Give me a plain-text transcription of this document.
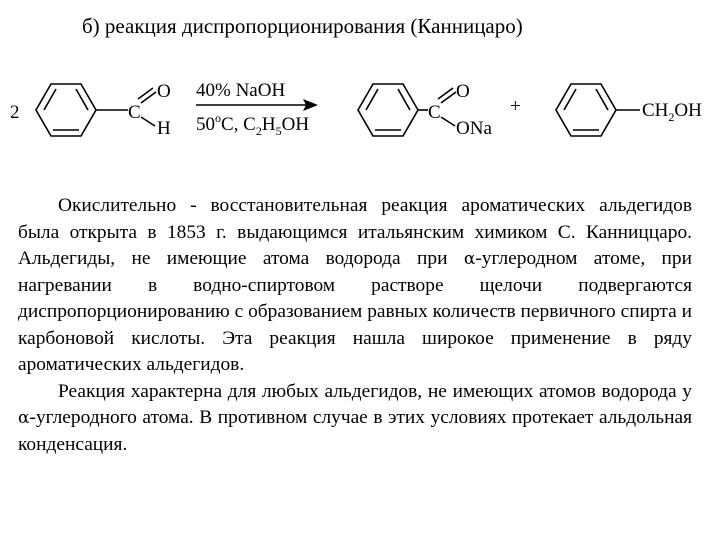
б) реакция диспропорционирования (Канницаро)
2	C
O
H
40% NaOH
50$^o$C, $C_2H_5OH$
C
O
ONa
+	$CH_2OH$

Окислительно - восстановительная реакция ароматических альдегидов была открыта в 1853 г. выдающимся итальянским химиком С. Канниццаро. Альдегиды, не имеющие атома водорода при α-углеродном атоме, при нагревании в водно-спиртовом растворе щелочи подвергаются диспропорционированию с образованием равных количеств первичного спирта и карбоновой кислоты. Эта реакция нашла широкое применение в ряду ароматических альдегидов.

Реакция характерна для любых альдегидов, не имеющих атомов водорода у α-углеродного атома. В противном случае в этих условиях протекает альдольная конденсация.
